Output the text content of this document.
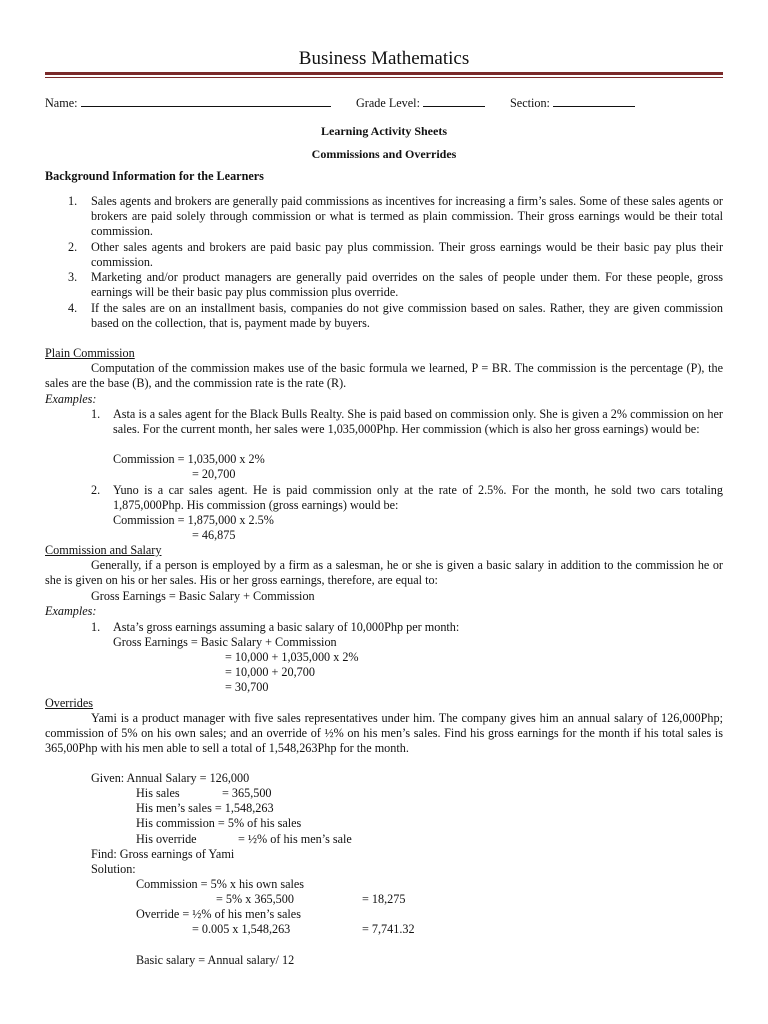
Business Mathematics
Name:	Grade Level:	Section:
Learning Activity Sheets
Commissions and Overrides
Background Information for the Learners
1. Sales agents and brokers are generally paid commissions as incentives for increasing a firm’s sales. Some of these sales agents or brokers are paid solely through commission or what is termed as plain commission. Their gross earnings would be their total commission.
2. Other sales agents and brokers are paid basic pay plus commission. Their gross earnings would be their basic pay plus their commission.
3. Marketing and/or product managers are generally paid overrides on the sales of people under them. For these people, gross earnings will be their basic pay plus commission plus override.
4. If the sales are on an installment basis, companies do not give commission based on sales. Rather, they are given commission based on the collection, that is, payment made by buyers.
Plain Commission
Computation of the commission makes use of the basic formula we learned, P = BR. The commission is the percentage (P), the sales are the base (B), and the commission rate is the rate (R).
Examples:
1. Asta is a sales agent for the Black Bulls Realty. She is paid based on commission only. She is given a 2% commission on her sales. For the current month, her sales were 1,035,000Php. Her commission (which is also her gross earnings) would be:
Commission = 1,035,000 x 2%
= 20,700
2. Yuno is a car sales agent. He is paid commission only at the rate of 2.5%. For the month, he sold two cars totaling 1,875,000Php. His commission (gross earnings) would be:
Commission = 1,875,000 x 2.5%
= 46,875
Commission and Salary
Generally, if a person is employed by a firm as a salesman, he or she is given a basic salary in addition to the commission he or she is given on his or her sales. His or her gross earnings, therefore, are equal to:
Gross Earnings = Basic Salary + Commission
Examples:
1. Asta’s gross earnings assuming a basic salary of 10,000Php per month:
Gross Earnings = Basic Salary + Commission
= 10,000 + 1,035,000 x 2%
= 10,000 + 20,700
= 30,700
Overrides
Yami is a product manager with five sales representatives under him. The company gives him an annual salary of 126,000Php; commission of 5% on his own sales; and an override of ½% on his men’s sales. Find his gross earnings for the month if his total sales is 365,00Php with his men able to sell a total of 1,548,263Php for the month.
Given: Annual Salary = 126,000
His sales	= 365,500
His men’s sales = 1,548,263
His commission = 5% of his sales
His override	= ½% of his men’s sale
Find: Gross earnings of Yami
Solution:
Commission = 5% x his own sales
= 5% x 365,500	= 18,275
Override = ½% of his men’s sales
= 0.005 x 1,548,263	= 7,741.32
Basic salary = Annual salary/ 12
